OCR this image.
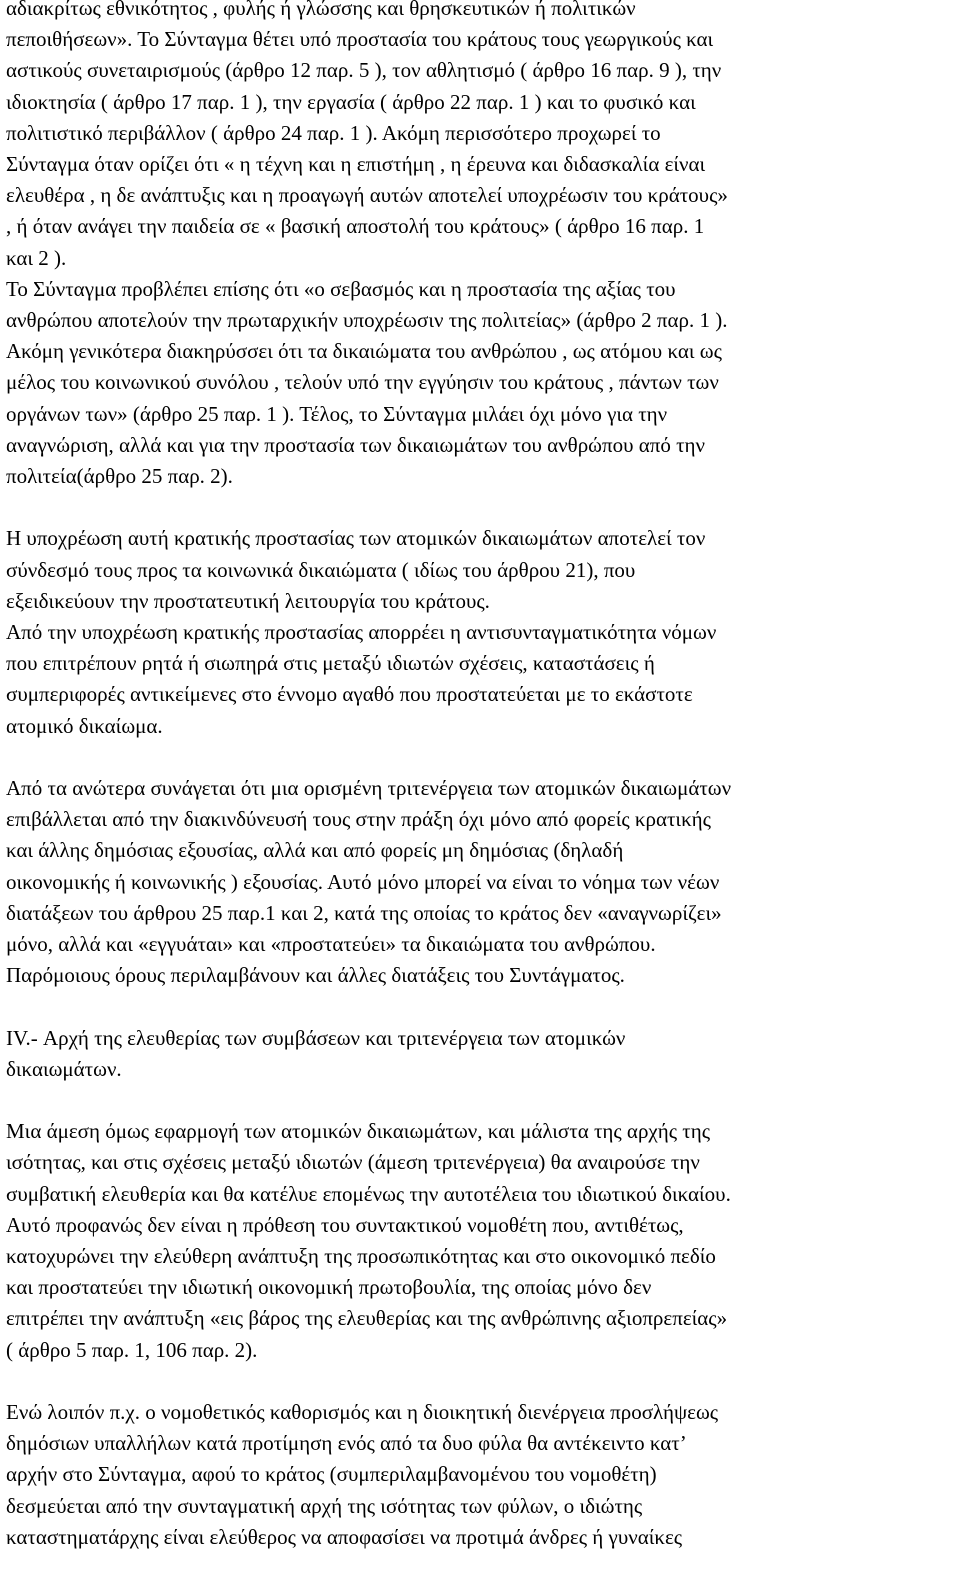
αδιακρίτως εθνικότητος , φυλής ή γλώσσης και θρησκευτικών ή πολιτικών
πεποιθήσεων». Το Σύνταγμα θέτει υπό προστασία του κράτους τους γεωργικούς και
αστικούς συνεταιρισμούς (άρθρο 12 παρ. 5 ), τον αθλητισμό ( άρθρο 16 παρ. 9 ), την
ιδιοκτησία ( άρθρο 17 παρ. 1 ), την εργασία ( άρθρο 22 παρ. 1 ) και το φυσικό και
πολιτιστικό περιβάλλον ( άρθρο 24 παρ. 1 ). Ακόμη περισσότερο προχωρεί το
Σύνταγμα όταν ορίζει ότι « η τέχνη και η επιστήμη , η έρευνα και διδασκαλία είναι
ελευθέρα , η δε ανάπτυξις και η προαγωγή αυτών αποτελεί υποχρέωσιν του κράτους»
, ή όταν ανάγει την παιδεία σε « βασική αποστολή του κράτους» ( άρθρο 16 παρ. 1
και 2 ).

Το Σύνταγμα προβλέπει επίσης ότι «ο σεβασμός και η προστασία της αξίας του
ανθρώπου αποτελούν την πρωταρχικήν υποχρέωσιν της πολιτείας» (άρθρο 2 παρ. 1 ).
Ακόμη γενικότερα διακηρύσσει ότι τα δικαιώματα του ανθρώπου , ως ατόμου και ως
μέλος του κοινωνικού συνόλου , τελούν υπό την εγγύησιν του κράτους , πάντων των
οργάνων των» (άρθρο 25 παρ. 1 ). Τέλος, το Σύνταγμα μιλάει όχι μόνο για την
αναγνώριση, αλλά και για την προστασία των δικαιωμάτων του ανθρώπου από την
πολιτεία(άρθρο 25 παρ. 2).

Η υποχρέωση αυτή κρατικής προστασίας των ατομικών δικαιωμάτων αποτελεί τον
σύνδεσμό τους προς τα κοινωνικά δικαιώματα ( ιδίως του άρθρου 21), που
εξειδικεύουν την προστατευτική λειτουργία του κράτους.

Από την υποχρέωση κρατικής προστασίας απορρέει η αντισυνταγματικότητα νόμων
που επιτρέπουν ρητά ή σιωπηρά στις μεταξύ ιδιωτών σχέσεις, καταστάσεις ή
συμπεριφορές αντικείμενες στο έννομο αγαθό που προστατεύεται με το εκάστοτε
ατομικό δικαίωμα.

Από τα ανώτερα συνάγεται ότι μια ορισμένη τριτενέργεια των ατομικών δικαιωμάτων
επιβάλλεται από την διακινδύνευσή τους στην πράξη όχι μόνο από φορείς κρατικής
και άλλης δημόσιας εξουσίας, αλλά και από φορείς μη δημόσιας (δηλαδή
οικονομικής ή κοινωνικής ) εξουσίας. Αυτό μόνο μπορεί να είναι το νόημα των νέων
διατάξεων του άρθρου 25 παρ.1 και 2, κατά της οποίας το κράτος δεν «αναγνωρίζει»
μόνο, αλλά και «εγγυάται» και «προστατεύει» τα δικαιώματα του ανθρώπου.
Παρόμοιους όρους περιλαμβάνουν και άλλες διατάξεις του Συντάγματος.

IV.- Αρχή της ελευθερίας των συμβάσεων και τριτενέργεια των ατομικών
δικαιωμάτων.

Μια άμεση όμως εφαρμογή των ατομικών δικαιωμάτων, και μάλιστα της αρχής της
ισότητας, και στις σχέσεις μεταξύ ιδιωτών (άμεση τριτενέργεια) θα αναιρούσε την
συμβατική ελευθερία και θα κατέλυε επομένως την αυτοτέλεια του ιδιωτικού δικαίου.
Αυτό προφανώς δεν είναι η πρόθεση του συντακτικού νομοθέτη που, αντιθέτως,
κατοχυρώνει την ελεύθερη ανάπτυξη της προσωπικότητας και στο οικονομικό πεδίο
και προστατεύει την ιδιωτική οικονομική πρωτοβουλία, της οποίας μόνο δεν
επιτρέπει την ανάπτυξη «εις βάρος της ελευθερίας και της ανθρώπινης αξιοπρεπείας»
( άρθρο 5 παρ. 1, 106 παρ. 2).

Ενώ λοιπόν π.χ. ο νομοθετικός καθορισμός και η διοικητική διενέργεια προσλήψεως
δημόσιων υπαλλήλων κατά προτίμηση ενός από τα δυο φύλα θα αντέκειντο κατ’
αρχήν στο Σύνταγμα, αφού το κράτος (συμπεριλαμβανομένου του νομοθέτη)
δεσμεύεται από την συνταγματική αρχή της ισότητας των φύλων, ο ιδιώτης
καταστηματάρχης είναι ελεύθερος να αποφασίσει να προτιμά άνδρες ή γυναίκες
